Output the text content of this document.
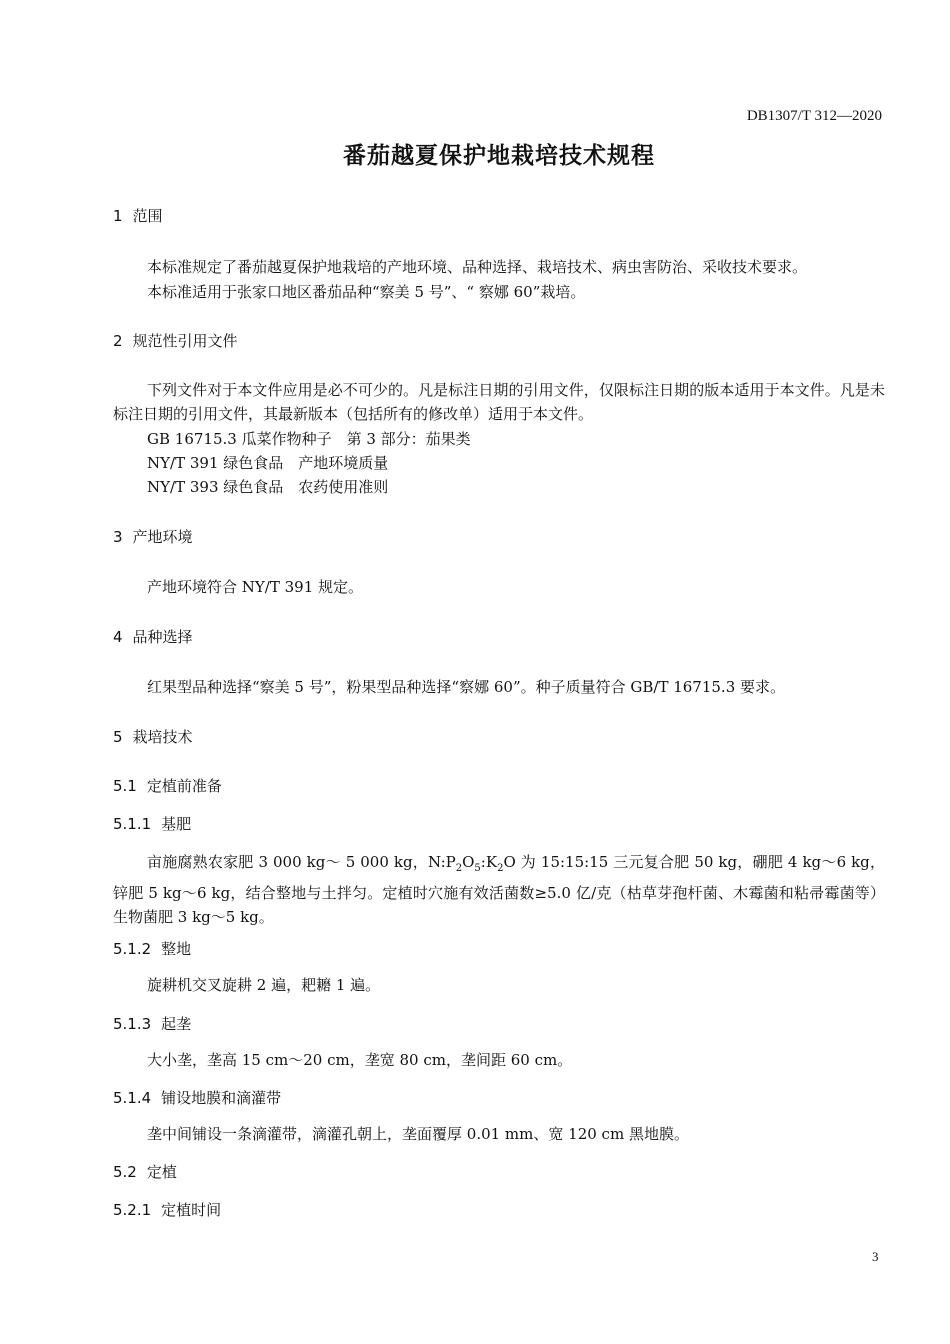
DB1307/T 312—2020
番茄越夏保护地栽培技术规程
1 范围
本标准规定了番茄越夏保护地栽培的产地环境、品种选择、栽培技术、病虫害防治、采收技术要求。
本标准适用于张家口地区番茄品种“察美 5 号”、“ 察娜 60”栽培。
2 规范性引用文件
下列文件对于本文件应用是必不可少的。凡是标注日期的引用文件，仅限标注日期的版本适用于本文件。凡是未标注日期的引用文件，其最新版本（包括所有的修改单）适用于本文件。
GB 16715.3 瓜菜作物种子　第 3 部分：茄果类
NY/T 391 绿色食品　产地环境质量
NY/T 393 绿色食品　农药使用准则
3 产地环境
产地环境符合 NY/T 391 规定。
4 品种选择
红果型品种选择“察美 5 号”，粉果型品种选择“察娜 60”。种子质量符合 GB/T 16715.3 要求。
5 栽培技术
5.1 定植前准备
5.1.1 基肥
亩施腐熟农家肥 3 000 kg～ 5 000 kg，$N:P_2O_5:K_2O$ 为 15:15:15 三元复合肥 50 kg，硼肥 4 kg～6 kg，锌肥 5 kg～6 kg，结合整地与土拌匀。定植时穴施有效活菌数≥5.0 亿/克（枯草芽孢杆菌、木霉菌和粘帚霉菌等）生物菌肥 3 kg～5 kg。
5.1.2 整地
旋耕机交叉旋耕 2 遍，耙耱 1 遍。
5.1.3 起垄
大小垄，垄高 15 cm～20 cm，垄宽 80 cm，垄间距 60 cm。
5.1.4 铺设地膜和滴灌带
垄中间铺设一条滴灌带，滴灌孔朝上，垄面覆厚 0.01 mm、宽 120 cm 黑地膜。
5.2 定植
5.2.1 定植时间
3
